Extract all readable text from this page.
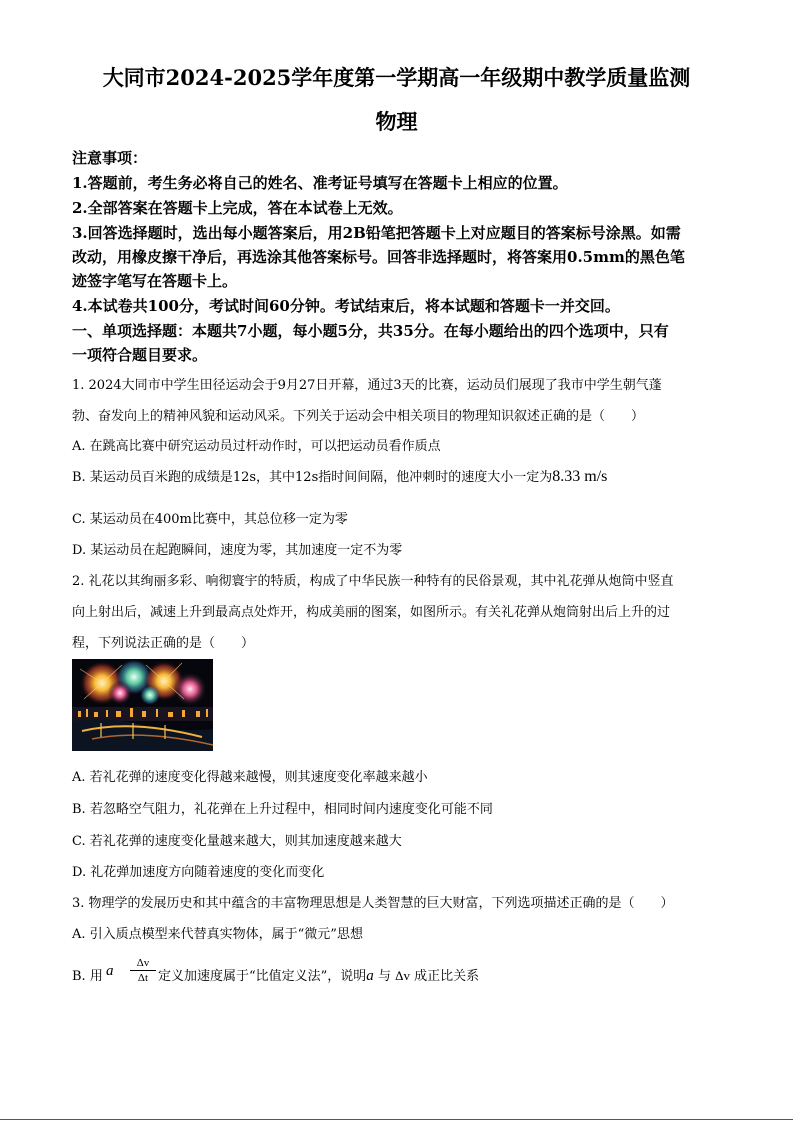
大同市2024-2025学年度第一学期高一年级期中教学质量监测
物理
注意事项：
1.答题前，考生务必将自己的姓名、准考证号填写在答题卡上相应的位置。
2.全部答案在答题卡上完成，答在本试卷上无效。
3.回答选择题时，选出每小题答案后，用2B铅笔把答题卡上对应题目的答案标号涂黑。如需
改动，用橡皮擦干净后，再选涂其他答案标号。回答非选择题时，将答案用0.5mm的黑色笔
迹签字笔写在答题卡上。
4.本试卷共100分，考试时间60分钟。考试结束后，将本试题和答题卡一并交回。
一、单项选择题：本题共7小题，每小题5分，共35分。在每小题给出的四个选项中，只有
一项符合题目要求。
1. 2024大同市中学生田径运动会于9月27日开幕，通过3天的比赛，运动员们展现了我市中学生朝气蓬
勃、奋发向上的精神风貌和运动风采。下列关于运动会中相关项目的物理知识叙述正确的是（　　）
A. 在跳高比赛中研究运动员过杆动作时，可以把运动员看作质点
B. 某运动员百米跑的成绩是12s，其中12s指时间间隔，他冲刺时的速度大小一定为8.33 m/s
C. 某运动员在400m比赛中，其总位移一定为零
D. 某运动员在起跑瞬间，速度为零，其加速度一定不为零
2. 礼花以其绚丽多彩、响彻寰宇的特质，构成了中华民族一种特有的民俗景观，其中礼花弹从炮筒中竖直
向上射出后，减速上升到最高点处炸开，构成美丽的图案，如图所示。有关礼花弹从炮筒射出后上升的过
程，下列说法正确的是（　　）
A. 若礼花弹的速度变化得越来越慢，则其速度变化率越来越小
B. 若忽略空气阻力，礼花弹在上升过程中，相同时间内速度变化可能不同
C. 若礼花弹的速度变化量越来越大，则其加速度越来越大
D. 礼花弹加速度方向随着速度的变化而变化
3. 物理学的发展历史和其中蕴含的丰富物理思想是人类智慧的巨大财富，下列选项描述正确的是（　　）
A. 引入质点模型来代替真实物体，属于“微元”思想
B. 用 a	Δv
Δt 定义加速度属于“比值定义法”，说明a 与 Δv 成正比关系
